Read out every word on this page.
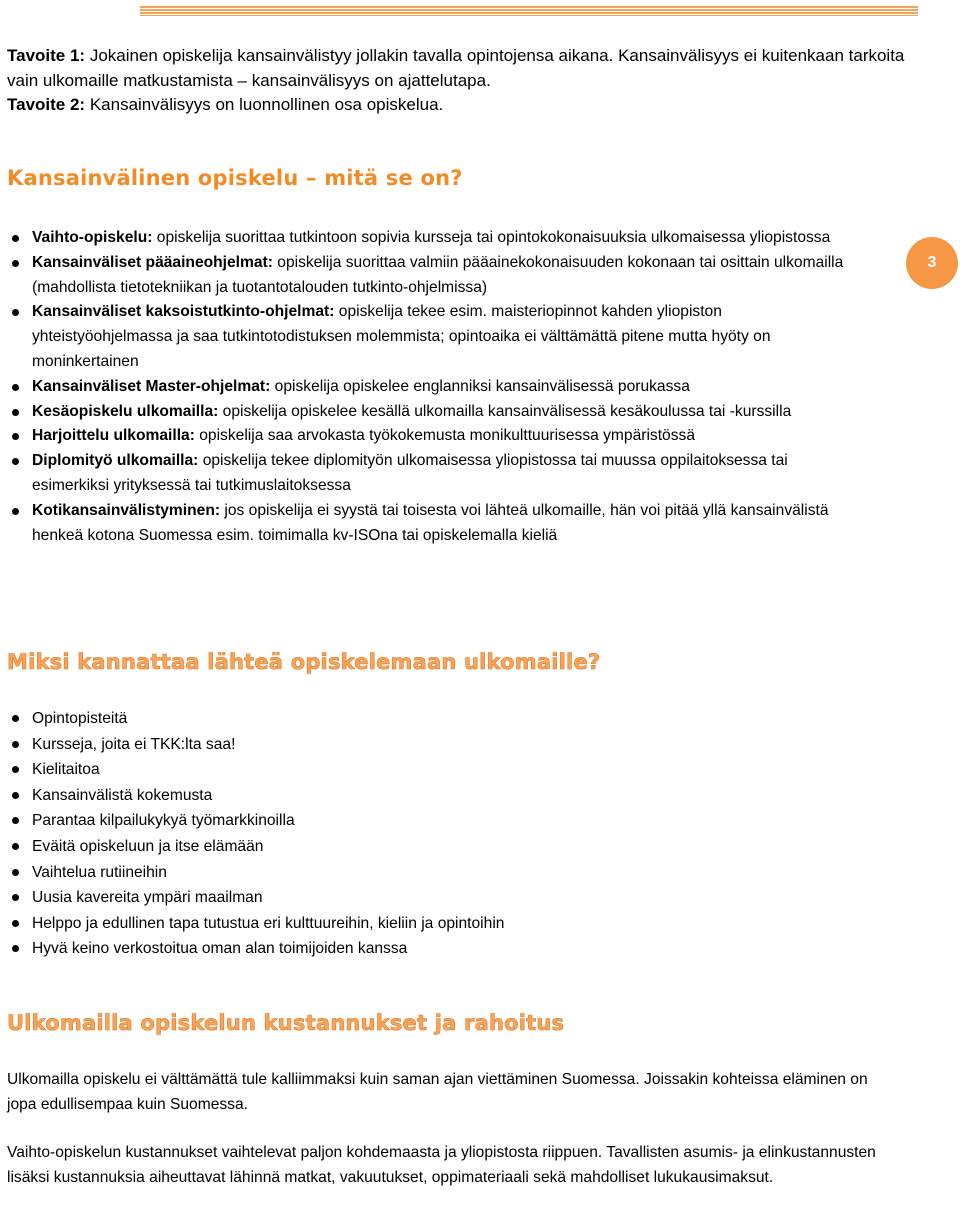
Tavoite 1: Jokainen opiskelija kansainvälistyy jollakin tavalla opintojensa aikana. Kansainvälisyys ei kuitenkaan tarkoita vain ulkomaille matkustamista – kansainvälisyys on ajattelutapa.
Tavoite 2: Kansainvälisyys on luonnollinen osa opiskelua.
Kansainvälinen opiskelu – mitä se on?
Vaihto-opiskelu: opiskelija suorittaa tutkintoon sopivia kursseja tai opintokokonaisuuksia ulkomaisessa yliopistossa
Kansainväliset pääaineohjelmat: opiskelija suorittaa valmiin pääainekokonaisuuden kokonaan tai osittain ulkomailla (mahdollista tietotekniikan ja tuotantotalouden tutkinto-ohjelmissa)
Kansainväliset kaksoistutkinto-ohjelmat: opiskelija tekee esim. maisteriopinnot kahden yliopiston yhteistyöohjelmassa ja saa tutkintotodistuksen molemmista; opintoaika ei välttämättä pitene mutta hyöty on moninkertainen
Kansainväliset Master-ohjelmat: opiskelija opiskelee englanniksi kansainvälisessä porukassa
Kesäopiskelu ulkomailla: opiskelija opiskelee kesällä ulkomailla kansainvälisessä kesäkoulussa tai -kurssilla
Harjoittelu ulkomailla: opiskelija saa arvokasta työkokemusta monikulttuurisessa ympäristössä
Diplomityö ulkomailla: opiskelija tekee diplomityön ulkomaisessa yliopistossa tai muussa oppilaitoksessa tai esimerkiksi yrityksessä tai tutkimuslaitoksessa
Kotikansainvälistyminen: jos opiskelija ei syystä tai toisesta voi lähteä ulkomaille, hän voi pitää yllä kansainvälistä henkeä kotona Suomessa esim. toimimalla kv-ISOna tai opiskelemalla kieliä
3
Miksi kannattaa lähteä opiskelemaan ulkomaille?
Opintopisteitä
Kursseja, joita ei TKK:lta saa!
Kielitaitoa
Kansainvälistä kokemusta
Parantaa kilpailukykyä työmarkkinoilla
Eväitä opiskeluun ja itse elämään
Vaihtelua rutiineihin
Uusia kavereita ympäri maailman
Helppo ja edullinen tapa tutustua eri kulttuureihin, kieliin ja opintoihin
Hyvä keino verkostoitua oman alan toimijoiden kanssa
Ulkomailla opiskelun kustannukset ja rahoitus

Ulkomailla opiskelu ei välttämättä tule kalliimmaksi kuin saman ajan viettäminen Suomessa. Joissakin kohteissa eläminen on jopa edullisempaa kuin Suomessa.

Vaihto-opiskelun kustannukset vaihtelevat paljon kohdemaasta ja yliopistosta riippuen. Tavallisten asumis- ja elinkustannusten lisäksi kustannuksia aiheuttavat lähinnä matkat, vakuutukset, oppimateriaali sekä mahdolliset lukukausimaksut.
